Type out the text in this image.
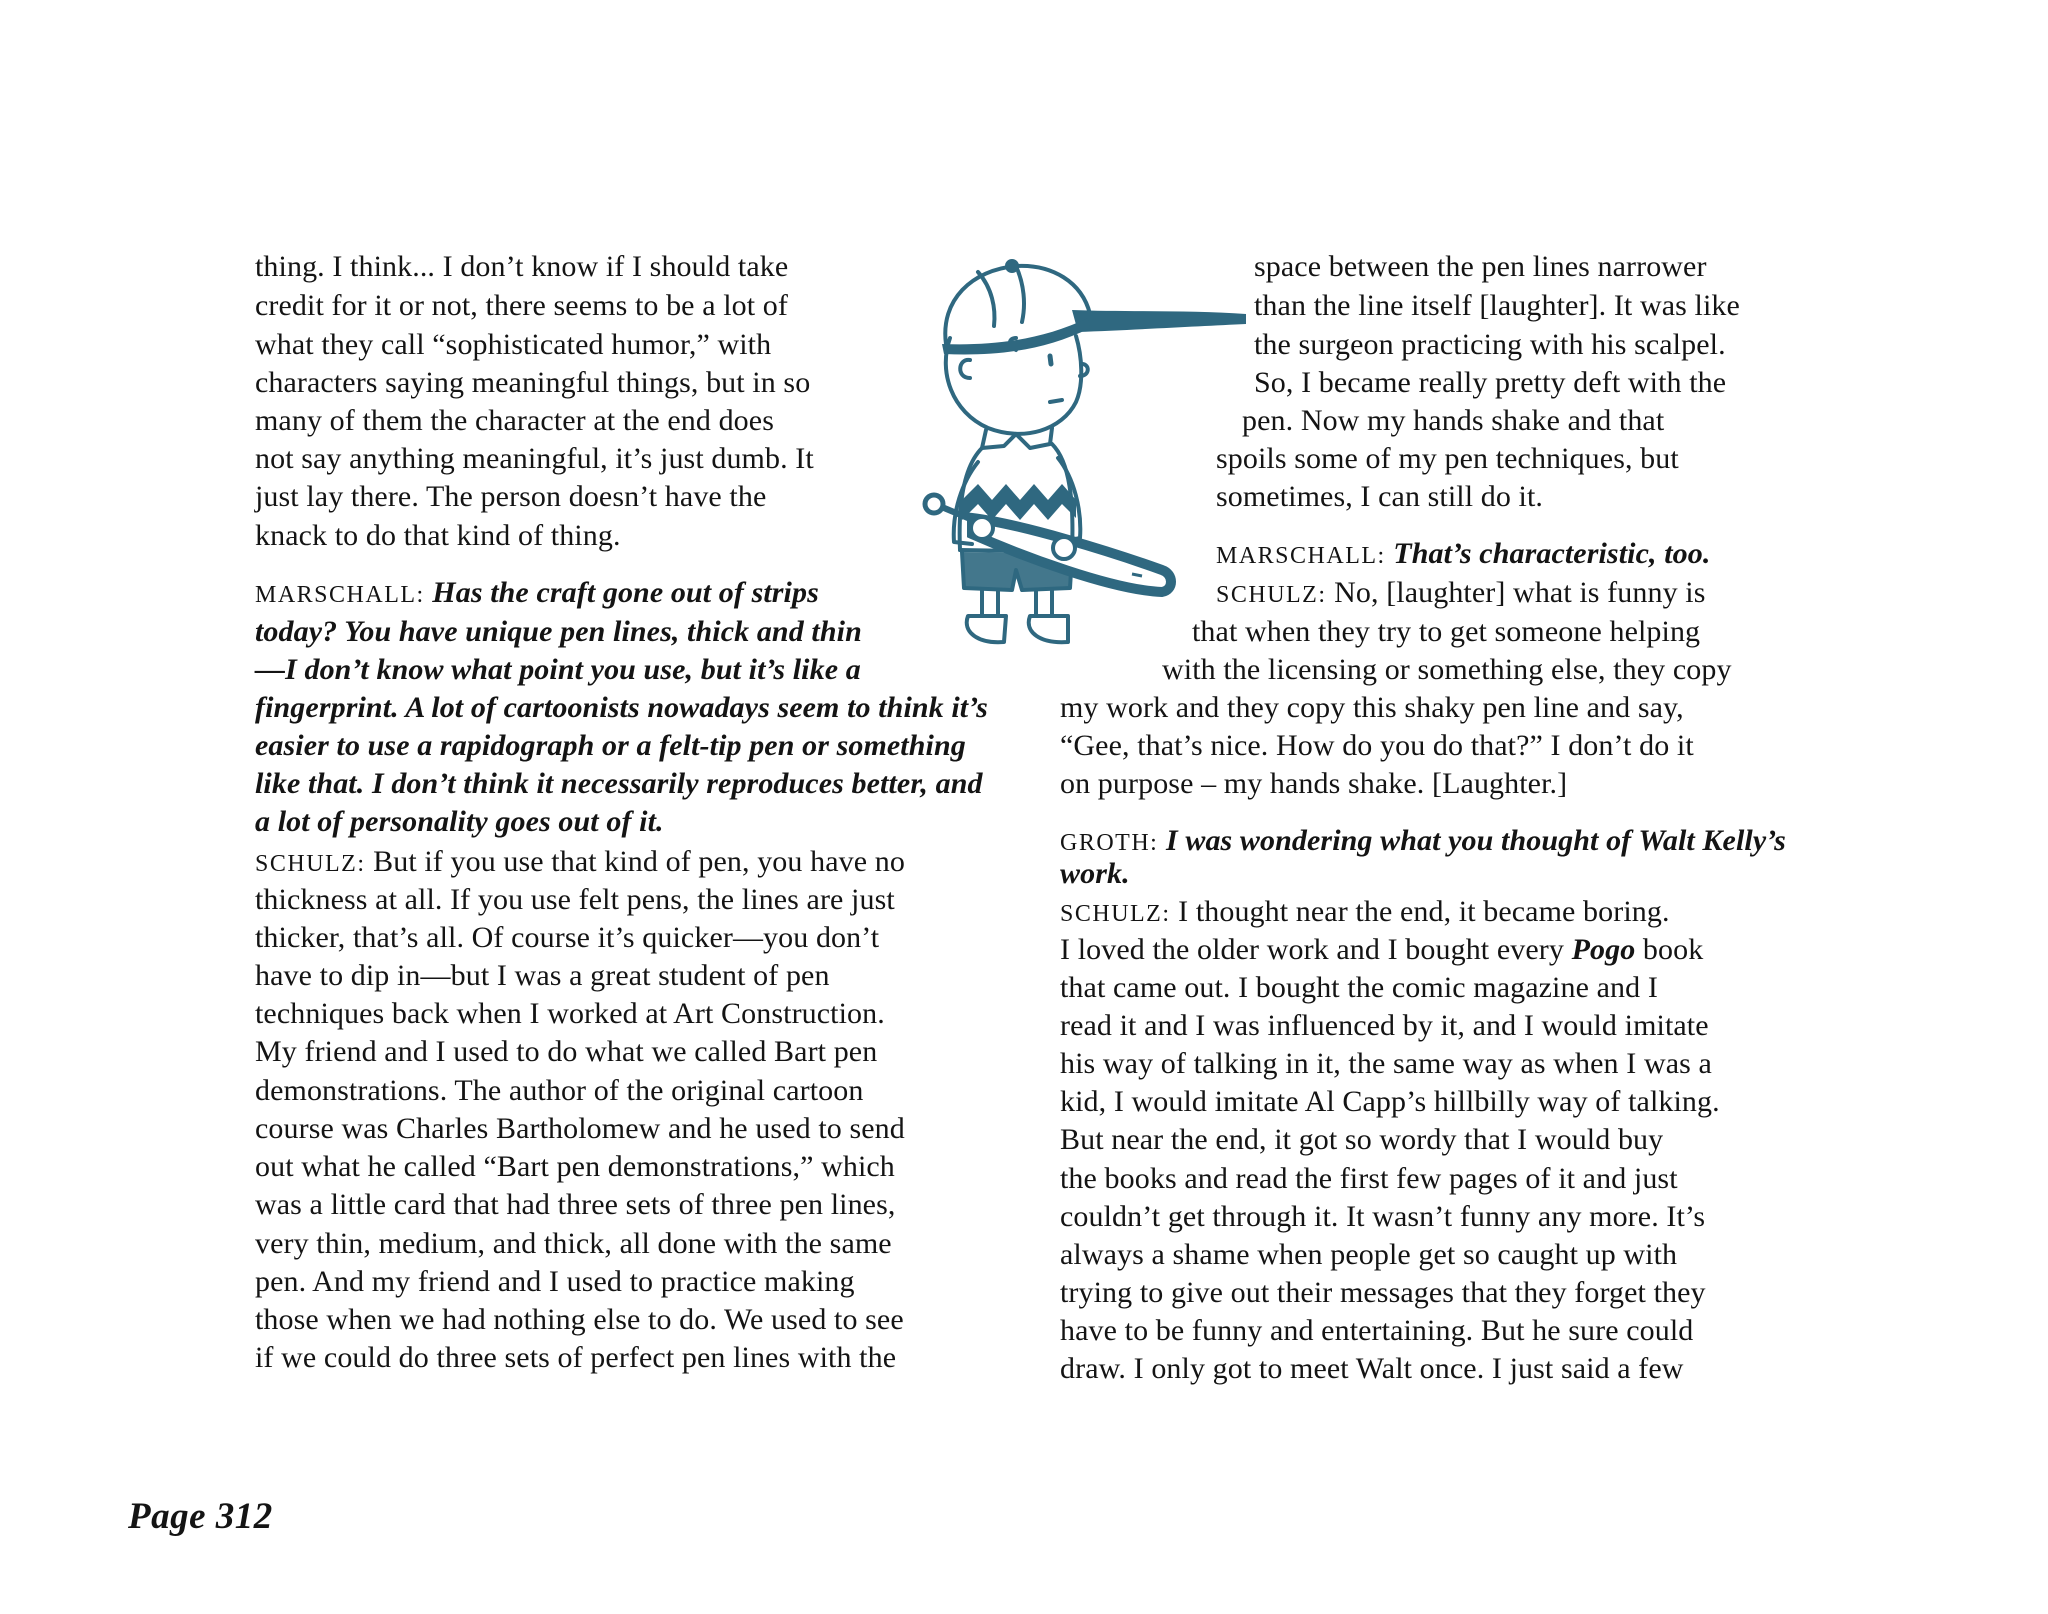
thing. I think... I don’t know if I should take
credit for it or not, there seems to be a lot of
what they call “sophisticated humor,” with
characters saying meaningful things, but in so
many of them the character at the end does
not say anything meaningful, it’s just dumb. It
just lay there. The person doesn’t have the
knack to do that kind of thing.
MARSCHALL: Has the craft gone out of strips
today? You have unique pen lines, thick and thin
—I don’t know what point you use, but it’s like a
fingerprint. A lot of cartoonists nowadays seem to think it’s
easier to use a rapidograph or a felt-tip pen or something
like that. I don’t think it necessarily reproduces better, and
a lot of personality goes out of it.
SCHULZ: But if you use that kind of pen, you have no
thickness at all. If you use felt pens, the lines are just
thicker, that’s all. Of course it’s quicker—you don’t
have to dip in—but I was a great student of pen
techniques back when I worked at Art Construction.
My friend and I used to do what we called Bart pen
demonstrations. The author of the original cartoon
course was Charles Bartholomew and he used to send
out what he called “Bart pen demonstrations,” which
was a little card that had three sets of three pen lines,
very thin, medium, and thick, all done with the same
pen. And my friend and I used to practice making
those when we had nothing else to do. We used to see
if we could do three sets of perfect pen lines with the
space between the pen lines narrower
than the line itself [laughter]. It was like
the surgeon practicing with his scalpel.
So, I became really pretty deft with the
pen. Now my hands shake and that
spoils some of my pen techniques, but
sometimes, I can still do it.
MARSCHALL: That’s characteristic, too.
SCHULZ: No, [laughter] what is funny is
that when they try to get someone helping
with the licensing or something else, they copy
my work and they copy this shaky pen line and say,
“Gee, that’s nice. How do you do that?” I don’t do it
on purpose – my hands shake. [Laughter.]
GROTH: I was wondering what you thought of Walt Kelly’s
work.
SCHULZ: I thought near the end, it became boring.
I loved the older work and I bought every Pogo book
that came out. I bought the comic magazine and I
read it and I was influenced by it, and I would imitate
his way of talking in it, the same way as when I was a
kid, I would imitate Al Capp’s hillbilly way of talking.
But near the end, it got so wordy that I would buy
the books and read the first few pages of it and just
couldn’t get through it. It wasn’t funny any more. It’s
always a shame when people get so caught up with
trying to give out their messages that they forget they
have to be funny and entertaining. But he sure could
draw. I only got to meet Walt once. I just said a few
Page 312
